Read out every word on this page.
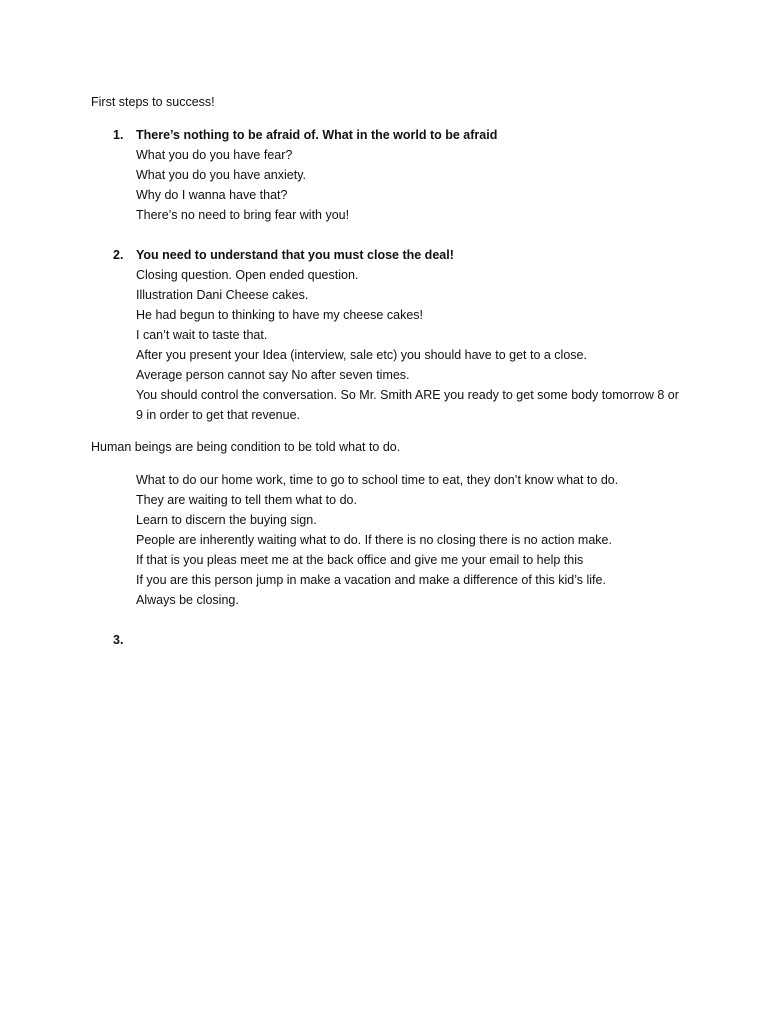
First steps to success!
1. There’s nothing to be afraid of. What in the world to be afraid
What you do you have fear?
What you do you have anxiety.
Why do I wanna have that?
There’s no need to bring fear with you!
2. You need to understand that you must close the deal!
Closing question. Open ended question.
Illustration Dani Cheese cakes.
He had begun to thinking to have my cheese cakes!
I can’t wait to taste that.
After you present your Idea (interview, sale etc) you should have to get to a close.
Average person cannot say No after seven times.
You should control the conversation. So Mr. Smith ARE you ready to get some body tomorrow 8 or 9 in order to get that revenue.
Human beings are being condition to be told what to do.
What to do our home work, time to go to school time to eat, they don’t know what to do.
They are waiting to tell them what to do.
Learn to discern the buying sign.
People are inherently waiting what to do. If there is no closing there is no action make.
If that is you pleas meet me at the back office and give me your email to help this
If you are this person jump in make a vacation and make a difference of this kid’s life.
Always be closing.
3.
